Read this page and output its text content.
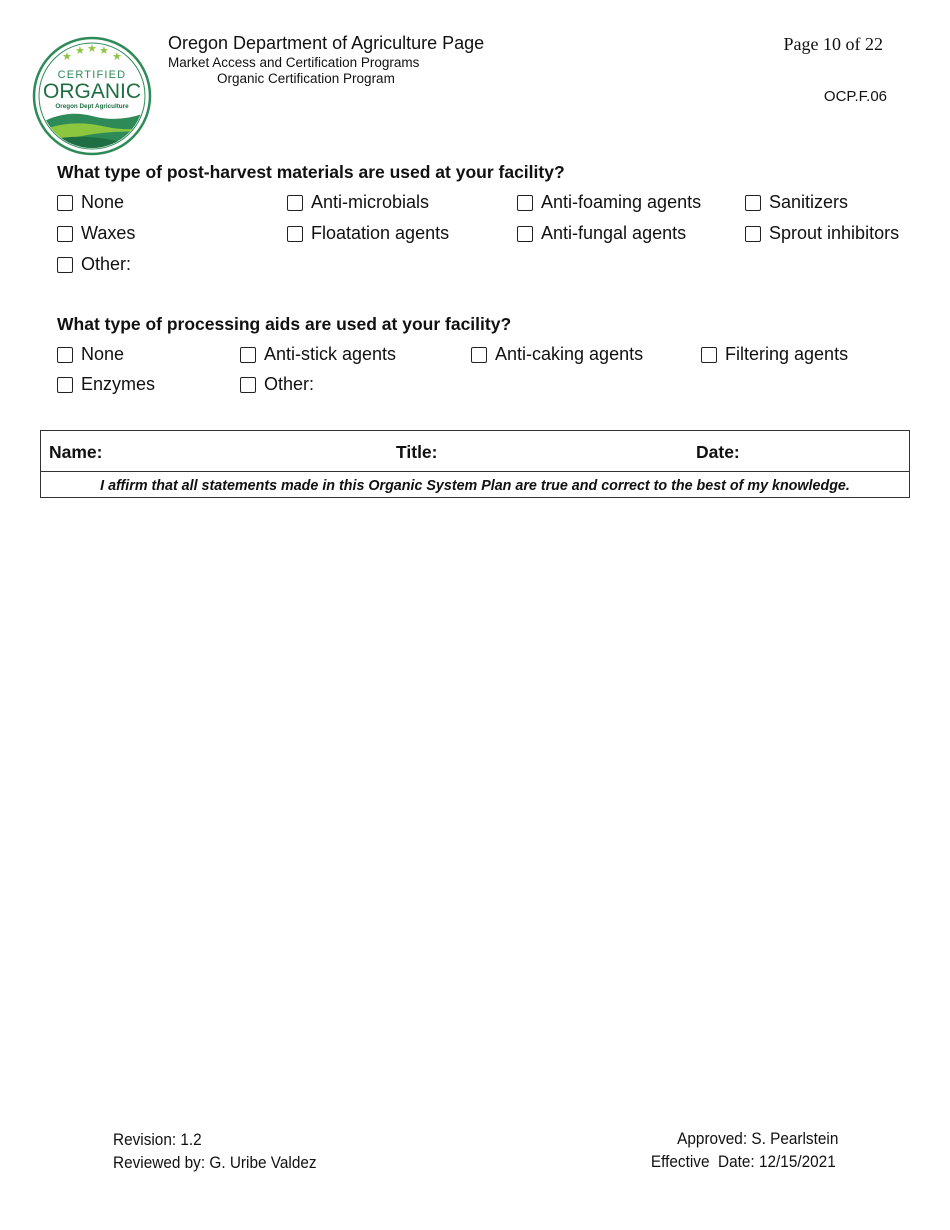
★ ★ ★ ★ ★
CERTIFIED
ORGANIC
Oregon Dept Agriculture
Oregon Department of Agriculture Page
Market Access and Certification Programs
Organic Certification Program
Page 10 of 22
OCP.F.06
What type of post-harvest materials are used at your facility?
None	Anti-microbials	Anti-foaming agents	Sanitizers
Waxes	Floatation agents	Anti-fungal agents	Sprout inhibitors
Other:
What type of processing aids are used at your facility?
None	Anti-stick agents	Anti-caking agents	Filtering agents
Enzymes	Other:
Name:	Title:	Date:
I affirm that all statements made in this Organic System Plan are true and correct to the best of my knowledge.
Revision: 1.2
Reviewed by: G. Uribe Valdez
Approved: S. Pearlstein
Effective  Date: 12/15/2021
